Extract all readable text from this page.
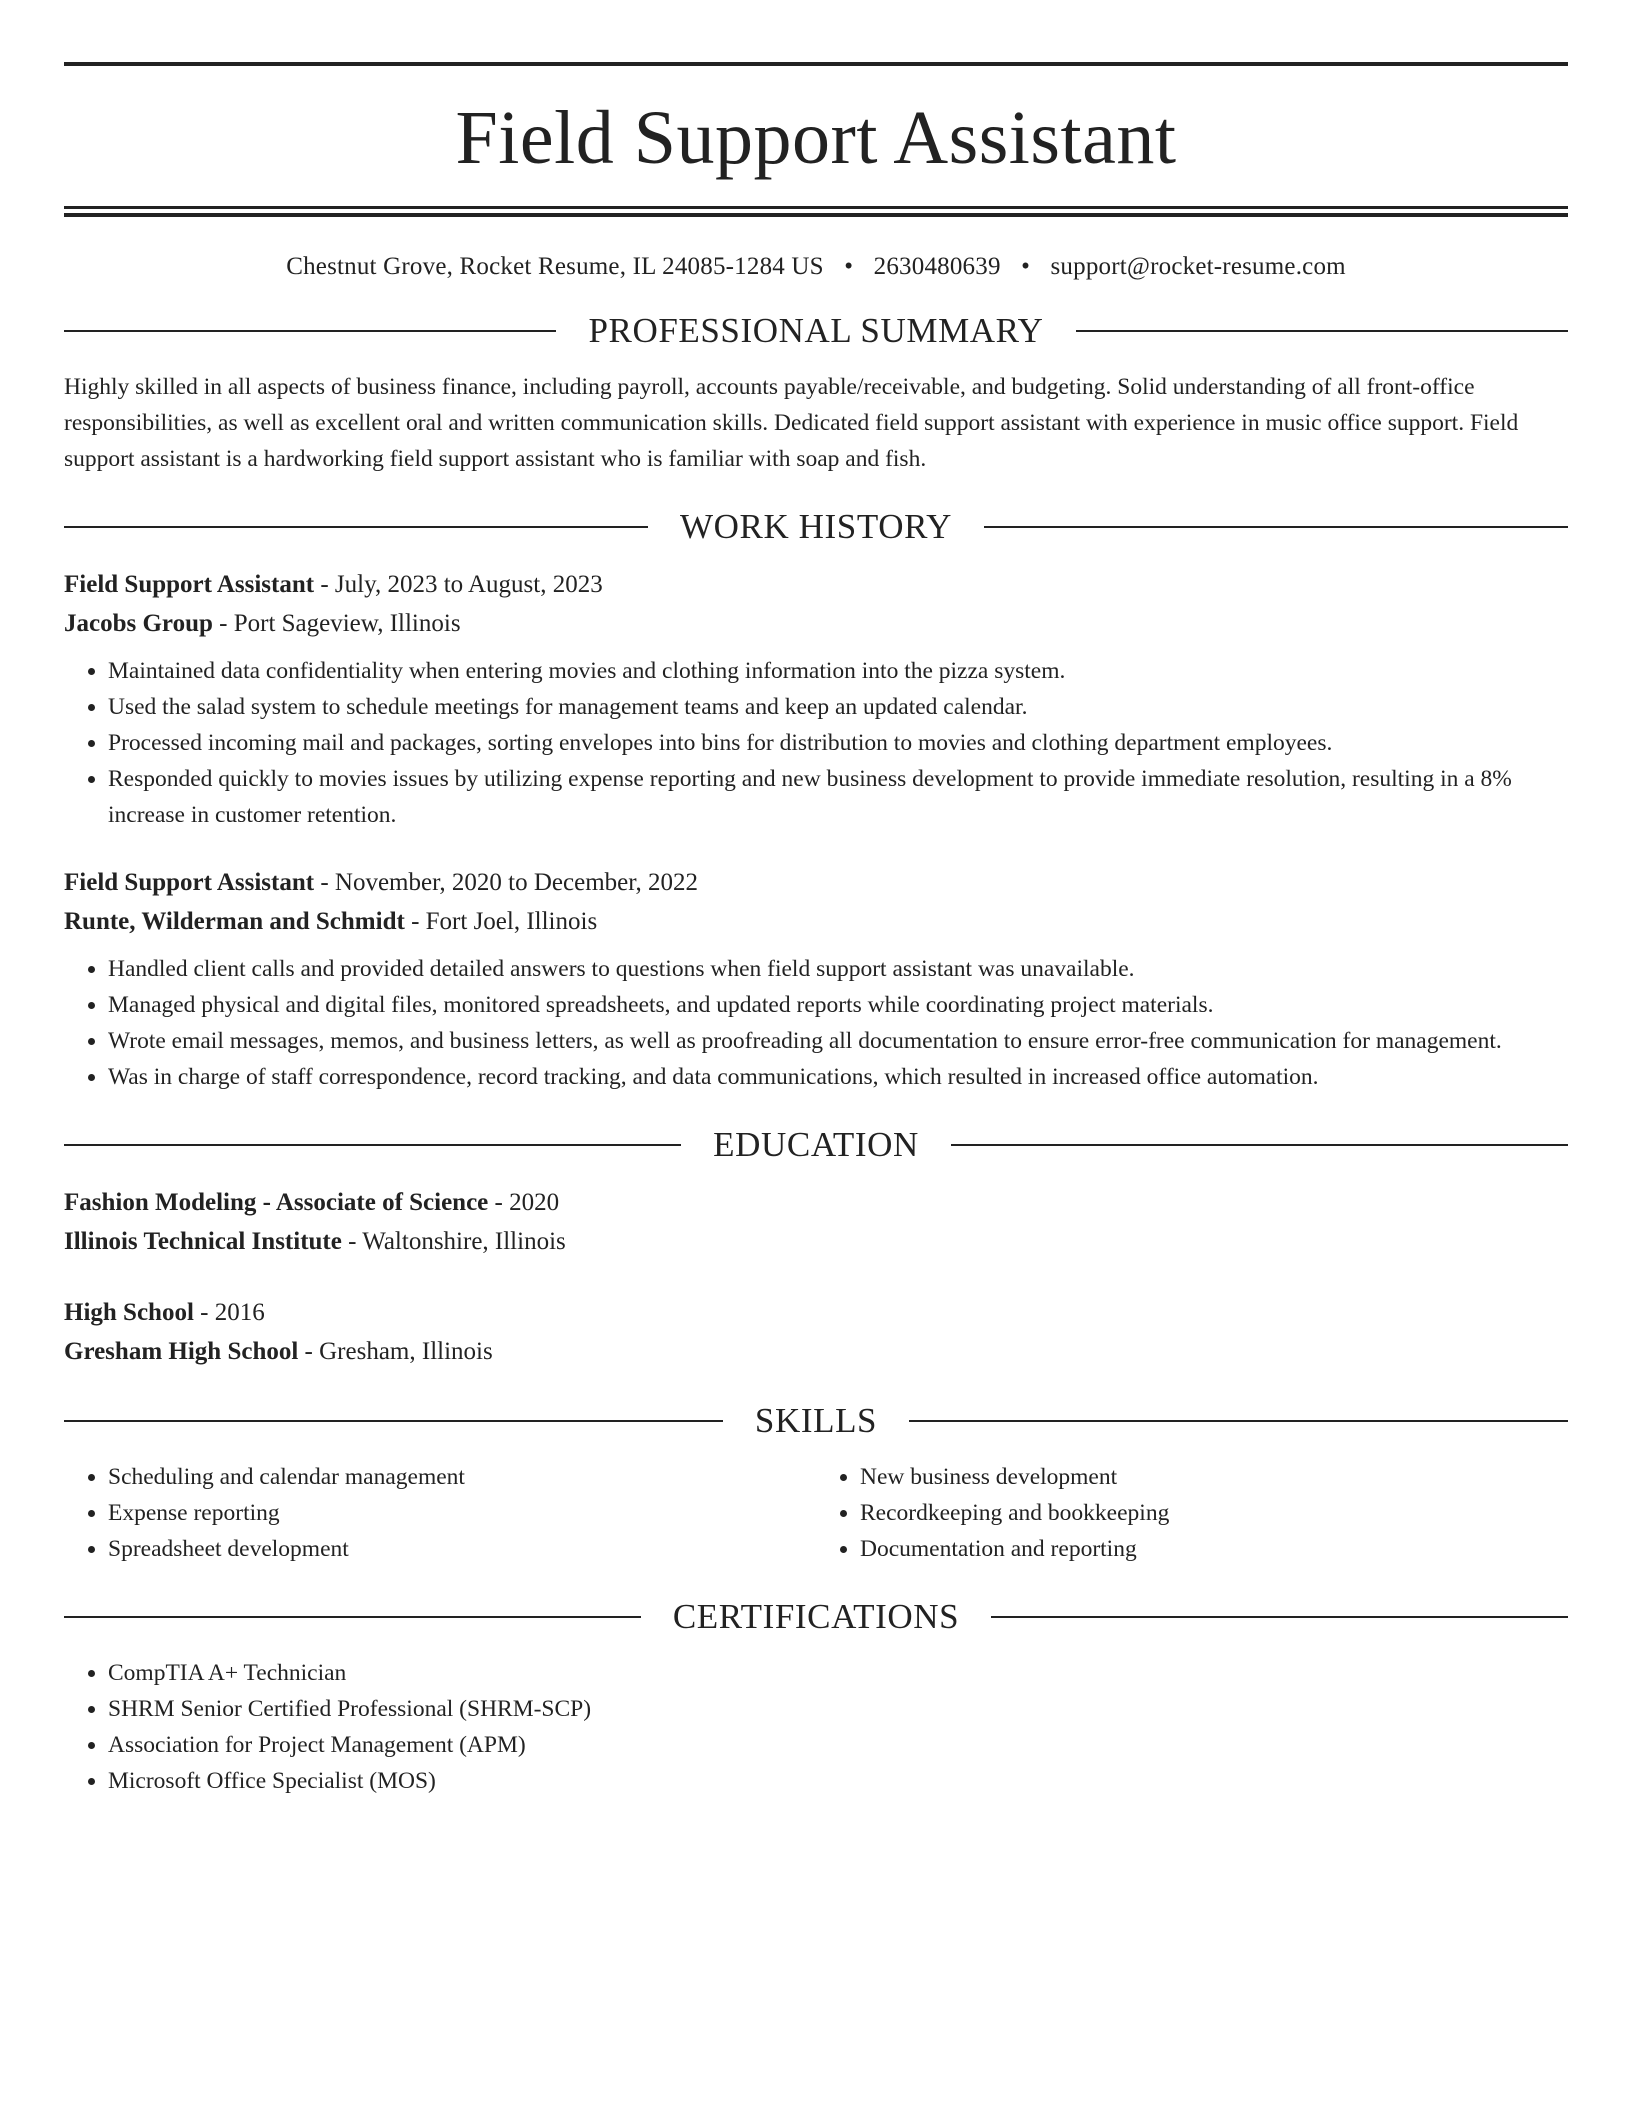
Field Support Assistant
Chestnut Grove, Rocket Resume, IL 24085-1284 US • 2630480639 • support@rocket-resume.com
PROFESSIONAL SUMMARY

Highly skilled in all aspects of business finance, including payroll, accounts payable/receivable, and budgeting. Solid understanding of all front-office responsibilities, as well as excellent oral and written communication skills. Dedicated field support assistant with experience in music office support. Field support assistant is a hardworking field support assistant who is familiar with soap and fish.

WORK HISTORY
Field Support Assistant - July, 2023 to August, 2023
Jacobs Group - Port Sageview, Illinois
• Maintained data confidentiality when entering movies and clothing information into the pizza system.
• Used the salad system to schedule meetings for management teams and keep an updated calendar.
• Processed incoming mail and packages, sorting envelopes into bins for distribution to movies and clothing department employees.
• Responded quickly to movies issues by utilizing expense reporting and new business development to provide immediate resolution, resulting in a 8% increase in customer retention.
Field Support Assistant - November, 2020 to December, 2022
Runte, Wilderman and Schmidt - Fort Joel, Illinois
• Handled client calls and provided detailed answers to questions when field support assistant was unavailable.
• Managed physical and digital files, monitored spreadsheets, and updated reports while coordinating project materials.
• Wrote email messages, memos, and business letters, as well as proofreading all documentation to ensure error-free communication for management.
• Was in charge of staff correspondence, record tracking, and data communications, which resulted in increased office automation.
EDUCATION
Fashion Modeling - Associate of Science - 2020
Illinois Technical Institute - Waltonshire, Illinois
High School - 2016
Gresham High School - Gresham, Illinois
SKILLS
• Scheduling and calendar management
• Expense reporting
• Spreadsheet development
• New business development
• Recordkeeping and bookkeeping
• Documentation and reporting
CERTIFICATIONS
• CompTIA A+ Technician
• SHRM Senior Certified Professional (SHRM-SCP)
• Association for Project Management (APM)
• Microsoft Office Specialist (MOS)
